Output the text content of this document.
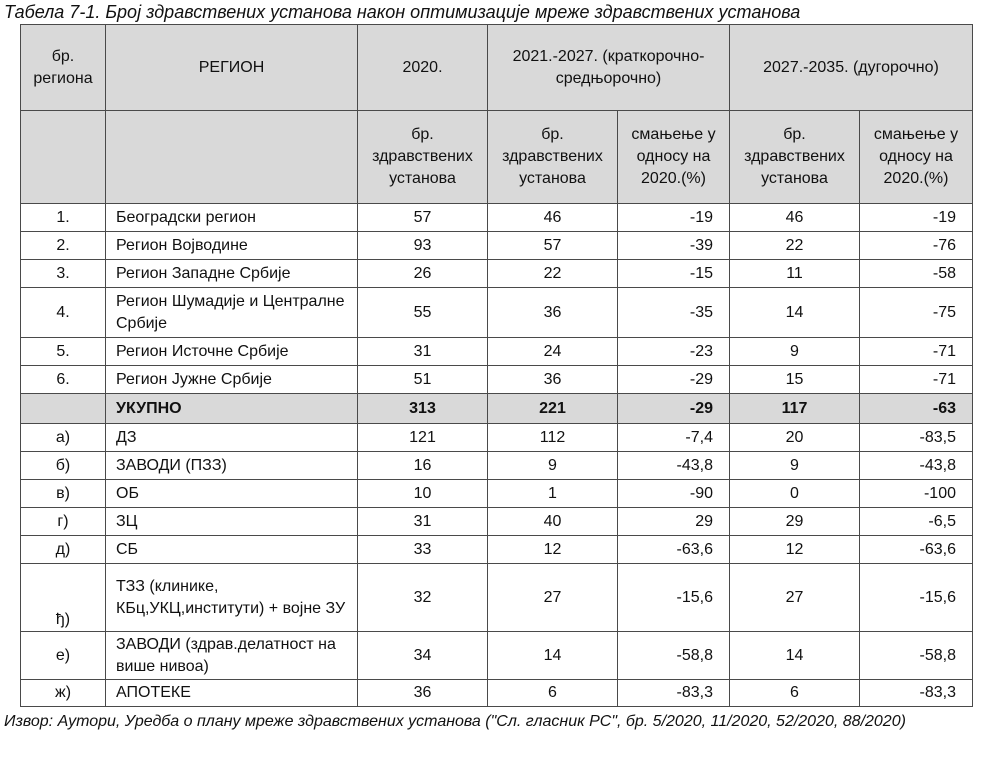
Табела 7-1. Број здравствених установа након оптимизације мреже здравствених установа
бр. региона	РЕГИОН	2020.	2021.-2027. (краткорочно-средњорочно)		2027.-2035. (дугорочно)	
		бр. здравствених установа	бр. здравствених установа	смањење у односу на 2020.(%)	бр. здравствених установа	смањење у односу на 2020.(%)
1.	Београдски регион	57	46	-19	46	-19
2.	Регион Војводине	93	57	-39	22	-76
3.	Регион Западне Србије	26	22	-15	11	-58
4.	Регион Шумадије и Централне Србије	55	36	-35	14	-75
5.	Регион Источне Србије	31	24	-23	9	-71
6.	Регион Јужне Србије	51	36	-29	15	-71
	УКУПНО	313	221	-29	117	-63
а)	ДЗ	121	112	-7,4	20	-83,5
б)	ЗАВОДИ (ПЗЗ)	16	9	-43,8	9	-43,8
в)	ОБ	10	1	-90	0	-100
г)	ЗЦ	31	40	29	29	-6,5
д)	СБ	33	12	-63,6	12	-63,6
ђ)	ТЗЗ (клинике, КБц,УКЦ,институти) + војне ЗУ	32	27	-15,6	27	-15,6
е)	ЗАВОДИ (здрав.делатност на више нивоа)	34	14	-58,8	14	-58,8
ж)	АПОТЕКЕ	36	6	-83,3	6	-83,3
Извор: Аутори, Уредба о плану мреже здравствених установа ("Сл. гласник РС", бр. 5/2020, 11/2020, 52/2020, 88/2020)
